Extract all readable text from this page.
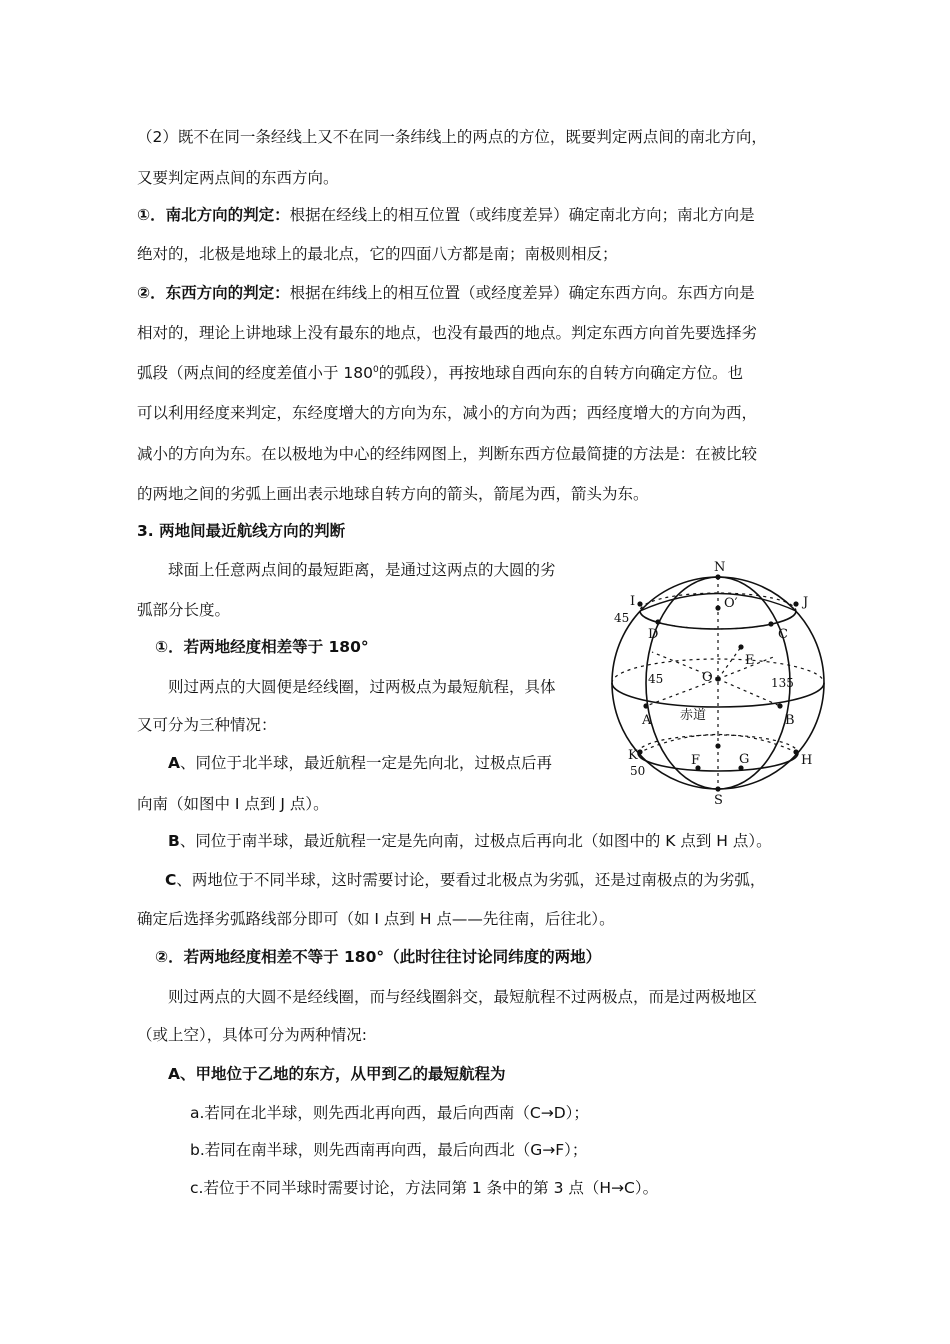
（2）既不在同一条经线上又不在同一条纬线上的两点的方位，既要判定两点间的南北方向，
又要判定两点间的东西方向。
①．南北方向的判定：根据在经线上的相互位置（或纬度差异）确定南北方向；南北方向是
绝对的，北极是地球上的最北点，它的四面八方都是南；南极则相反；
②．东西方向的判定：根据在纬线上的相互位置（或经度差异）确定东西方向。东西方向是
相对的，理论上讲地球上没有最东的地点，也没有最西的地点。判定东西方向首先要选择劣
弧段（两点间的经度差值小于 $180^0$的弧段），再按地球自西向东的自转方向确定方位。也
可以利用经度来判定，东经度增大的方向为东，减小的方向为西；西经度增大的方向为西，
减小的方向为东。在以极地为中心的经纬网图上，判断东西方位最简捷的方法是：在被比较
的两地之间的劣弧上画出表示地球自转方向的箭头，箭尾为西，箭头为东。
3. 两地间最近航线方向的判断
球面上任意两点间的最短距离，是通过这两点的大圆的劣
弧部分长度。
①．若两地经度相差等于 180°
则过两点的大圆便是经线圈，过两极点为最短航程，具体
又可分为三种情况：
A、同位于北半球，最近航程一定是先向北，过极点后再
向南（如图中 I 点到 J 点）。
B、同位于南半球，最近航程一定是先向南，过极点后再向北（如图中的 K 点到 H 点）。
C、两地位于不同半球，这时需要讨论，要看过北极点为劣弧，还是过南极点的为劣弧，
确定后选择劣弧路线部分即可（如 I 点到 H 点——先往南，后往北）。
②．若两地经度相差不等于 180°（此时往往讨论同纬度的两地）
则过两点的大圆不是经线圈，而与经线圈斜交，最短航程不过两极点，而是过两极地区
（或上空），具体可分为两种情况:
A、甲地位于乙地的东方，从甲到乙的最短航程为
a.若同在北半球，则先西北再向西，最后向西南（C→D）；
b.若同在南半球，则先西南再向西，最后向西北（G→F）；
c.若位于不同半球时需要讨论，方法同第 1 条中的第 3 点（H→C）。
N
S
I	J
D	C
O′
E
O
A	B
K	F	G	H
45
45	135
50
赤道
